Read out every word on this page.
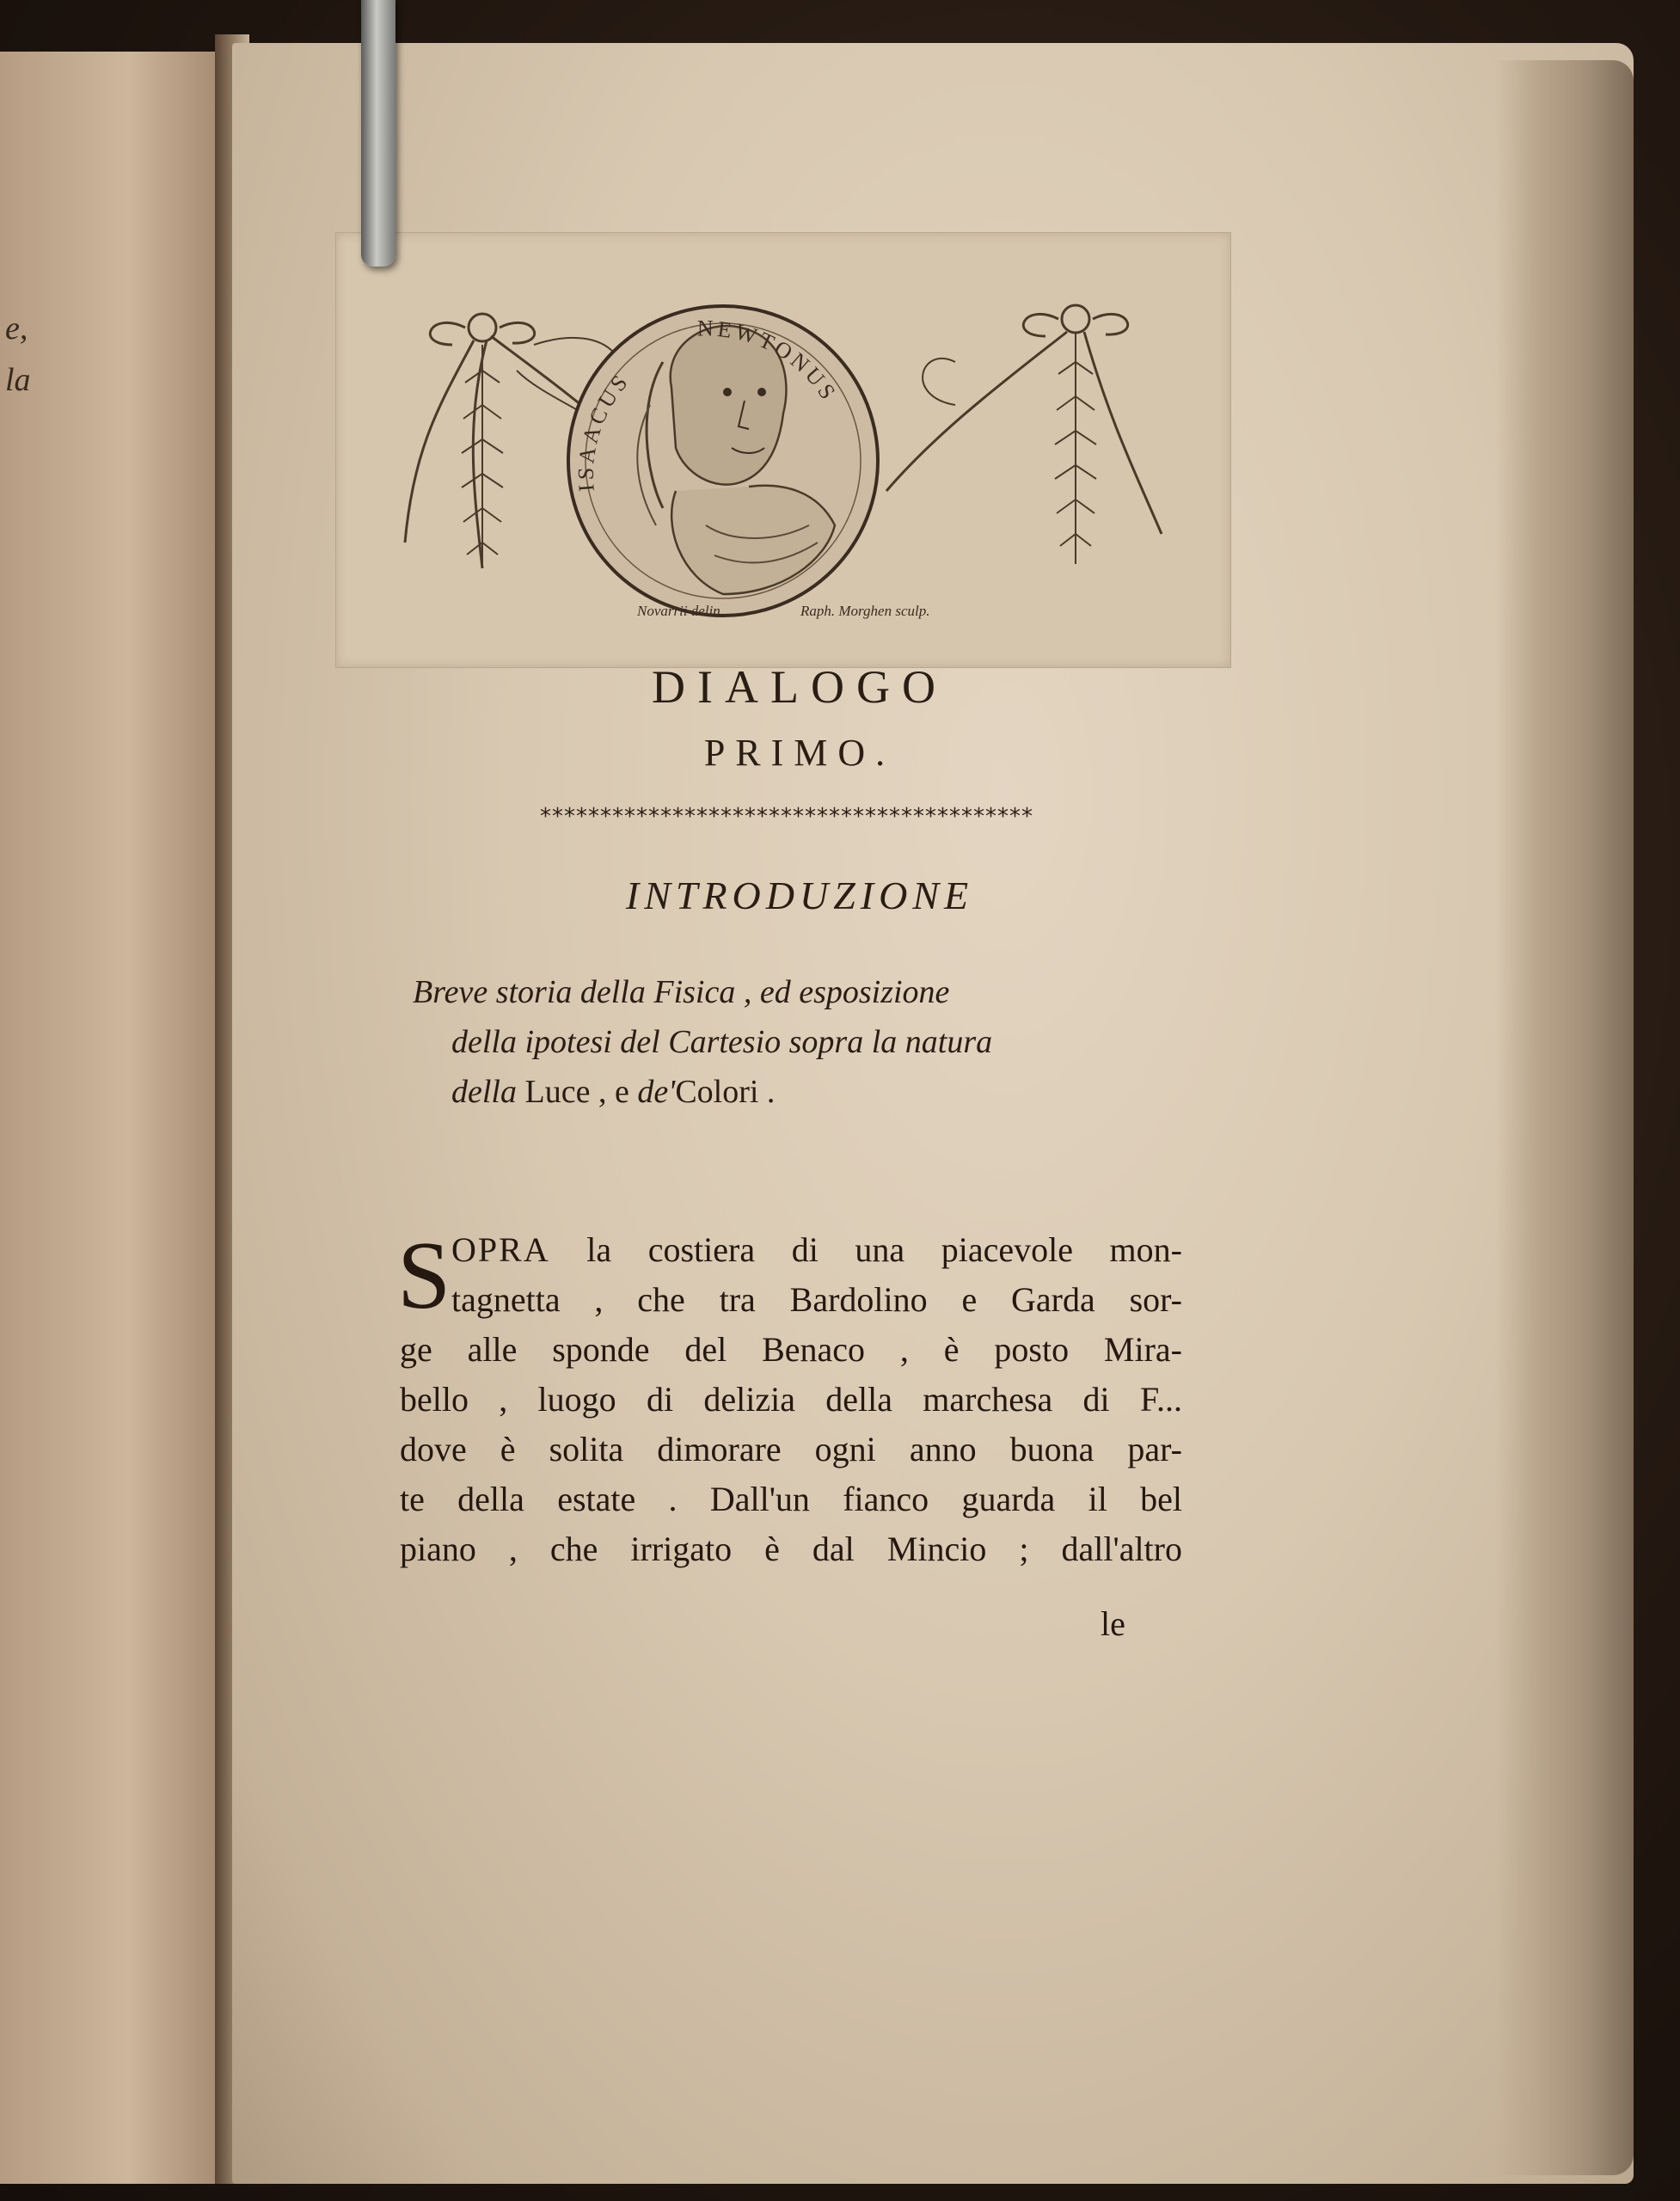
e,
la
ISAACUS
NEWTONUS
Novarrii delin.	Raph. Morghen sculp.
DIALOGO
PRIMO.
*****************************************
INTRODUZIONE
Breve storia della Fisica , ed esposizione
della ipotesi del Cartesio sopra la natura
della Luce , e de'Colori .
S OPRA la costiera di una piacevole mon-
tagnetta , che tra Bardolino e Garda sor-
ge alle sponde del Benaco , è posto Mira-
bello , luogo di delizia della marchesa di F...
dove è solita dimorare ogni anno buona par-
te della estate . Dall'un fianco guarda il bel
piano , che irrigato è dal Mincio ; dall'altro
le
